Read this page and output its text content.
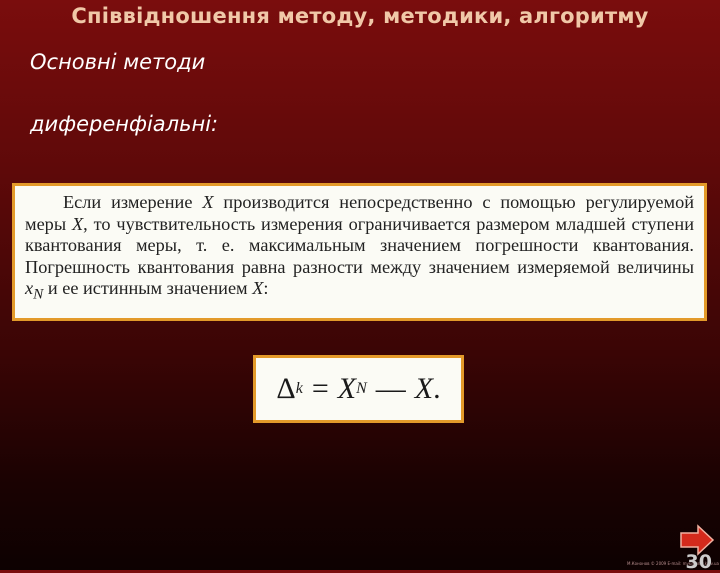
Співвідношення методу, методики, алгоритму
Основні методи
диференфіальні:

Если измерение X производится непосредственно с помощью регулируемой меры X, то чувствительность измерения ограничивается размером младшей ступени квантования меры, т. е. максимальным значением погрешности квантования. Погрешность квантования равна разности между значением измеряемой величины $x_N$ и ее истинным значением X:

Δ k = X N — X .
М.Кононов © 2009 E-mail: mvk@univ.kiev.ua
30
